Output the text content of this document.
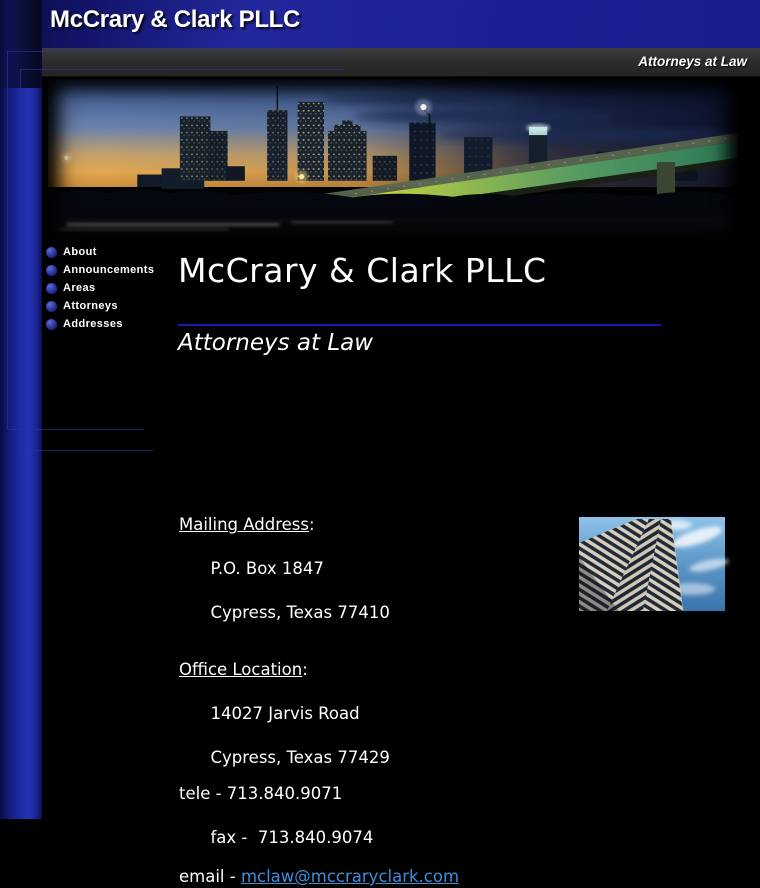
McCrary & Clark PLLC
Attorneys at Law
About
Announcements
Areas
Attorneys
Addresses
McCrary & Clark PLLC
Attorneys at Law

Mailing Address:

P.O. Box 1847

Cypress, Texas 77410

Office Location:

14027 Jarvis Road

Cypress, Texas 77429

tele - 713.840.9071

fax -  713.840.9074

email - mclaw@mccraryclark.com
